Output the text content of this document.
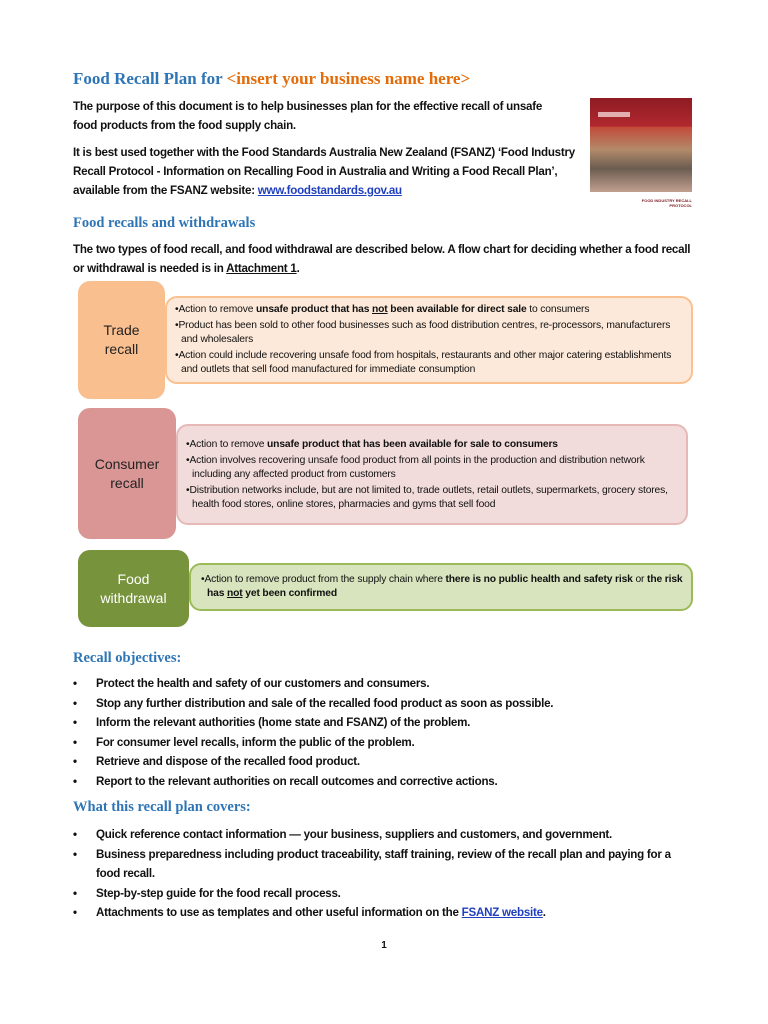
Food Recall Plan for <insert your business name here>
The purpose of this document is to help businesses plan for the effective recall of unsafe food products from the food supply chain.
It is best used together with the Food Standards Australia New Zealand (FSANZ) ‘Food Industry Recall Protocol - Information on Recalling Food in Australia and Writing a Food Recall Plan’, available from the FSANZ website: www.foodstandards.gov.au
FOOD INDUSTRY RECALL PROTOCOL
Food recalls and withdrawals
The two types of food recall, and food withdrawal are described below. A flow chart for deciding whether a food recall or withdrawal is needed is in Attachment 1.
•Action to remove unsafe product that has not been available for direct sale to consumers
•Product has been sold to other food businesses such as food distribution centres, re-processors, manufacturers and wholesalers
•Action could include recovering unsafe food from hospitals, restaurants and other major catering establishments and outlets that sell food manufactured for immediate consumption
Trade recall
•Action to remove unsafe product that has been available for sale to consumers
•Action involves recovering unsafe food product from all points in the production and distribution network including any affected product from customers
•Distribution networks include, but are not limited to, trade outlets, retail outlets, supermarkets, grocery stores, health food stores, online stores, pharmacies and gyms that sell food
Consumer recall
•Action to remove product from the supply chain where there is no public health and safety risk or the risk has not yet been confirmed
Food withdrawal
Recall objectives:
• Protect the health and safety of our customers and consumers.
• Stop any further distribution and sale of the recalled food product as soon as possible.
• Inform the relevant authorities (home state and FSANZ) of the problem.
• For consumer level recalls, inform the public of the problem.
• Retrieve and dispose of the recalled food product.
• Report to the relevant authorities on recall outcomes and corrective actions.
What this recall plan covers:
• Quick reference contact information — your business, suppliers and customers, and government.
• Business preparedness including product traceability, staff training, review of the recall plan and paying for a food recall.
• Step-by-step guide for the food recall process.
• Attachments to use as templates and other useful information on the FSANZ website.
1
